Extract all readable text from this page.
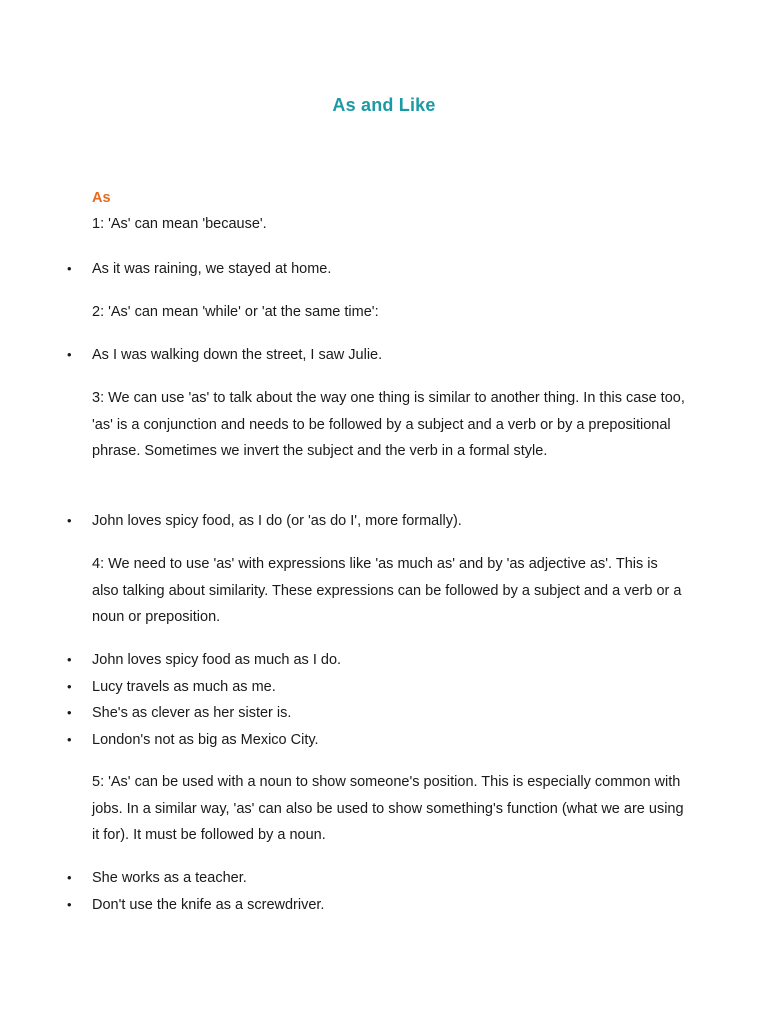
As and Like
As

1: 'As' can mean 'because'.

• As it was raining, we stayed at home.

2: 'As' can mean 'while' or 'at the same time':

• As I was walking down the street, I saw Julie.

3: We can use 'as' to talk about the way one thing is similar to another thing. In this case too, 'as' is a conjunction and needs to be followed by a subject and a verb or by a prepositional phrase. Sometimes we invert the subject and the verb in a formal style.

• John loves spicy food, as I do (or 'as do I', more formally).

4: We need to use 'as' with expressions like 'as much as' and by 'as adjective as'. This is also talking about similarity. These expressions can be followed by a subject and a verb or a noun or preposition.

• John loves spicy food as much as I do.
• Lucy travels as much as me.
• She's as clever as her sister is.
• London's not as big as Mexico City.

5: 'As' can be used with a noun to show someone's position. This is especially common with jobs. In a similar way, 'as' can also be used to show something's function (what we are using it for). It must be followed by a noun.

• She works as a teacher.
• Don't use the knife as a screwdriver.
